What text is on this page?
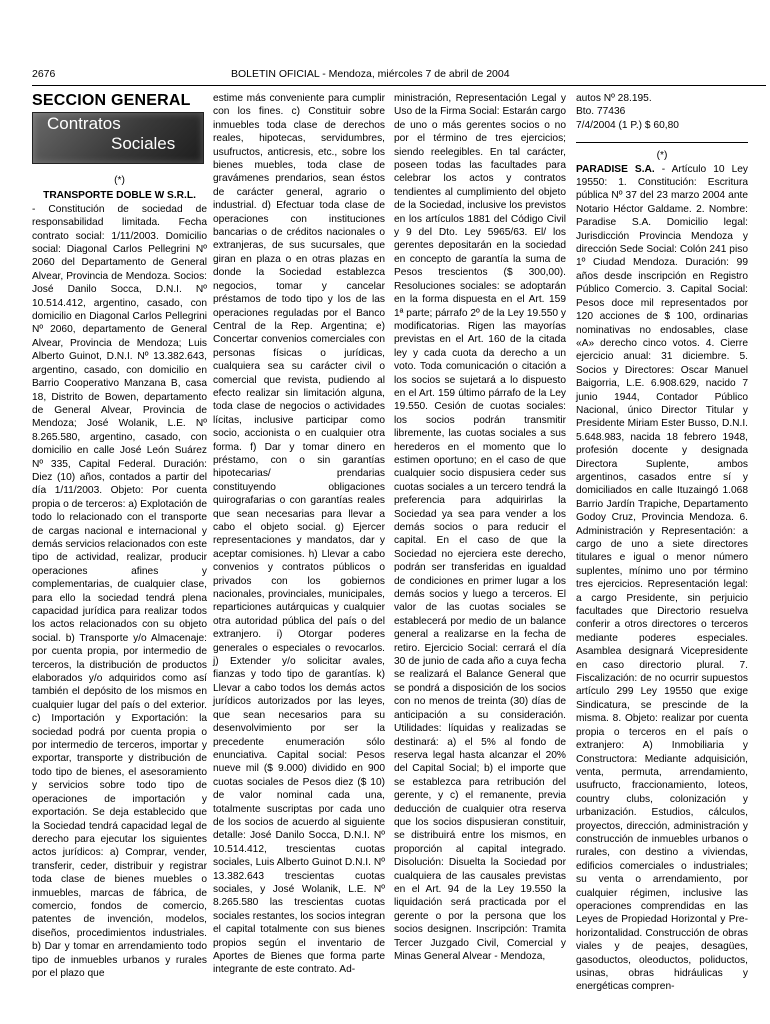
2676	BOLETIN OFICIAL - Mendoza, miércoles 7 de abril de 2004
SECCION GENERAL
Contratos
Sociales

(*)

TRANSPORTE DOBLE W S.R.L.

- Constitución de sociedad de responsabilidad limitada. Fecha contrato social: 1/11/2003. Domicilio social: Diagonal Carlos Pellegrini Nº 2060 del Departamento de General Alvear, Provincia de Mendoza. Socios: José Danilo Socca, D.N.I. Nº 10.514.412, argentino, casado, con domicilio en Diagonal Carlos Pellegrini Nº 2060, departamento de General Alvear, Provincia de Mendoza; Luis Alberto Guinot, D.N.I. Nº 13.382.643, argentino, casado, con domicilio en Barrio Cooperativo Manzana B, casa 18, Distrito de Bowen, departamento de General Alvear, Provincia de Mendoza; José Wolanik, L.E. Nº 8.265.580, argentino, casado, con domicilio en calle José León Suárez Nº 335, Capital Federal. Duración: Diez (10) años, contados a partir del día 1/11/2003. Objeto: Por cuenta propia o de terceros: a) Explotación de todo lo relacionado con el transporte de cargas nacional e internacional y demás servicios relacionados con este tipo de actividad, realizar, producir operaciones afines y complementarias, de cualquier clase, para ello la sociedad tendrá plena capacidad jurídica para realizar todos los actos relacionados con su objeto social. b) Transporte y/o Almacenaje: por cuenta propia, por intermedio de terceros, la distribución de productos elaborados y/o adquiridos como así también el depósito de los mismos en cualquier lugar del país o del exterior. c) Importación y Exportación: la sociedad podrá por cuenta propia o por intermedio de terceros, importar y exportar, transporte y distribución de todo tipo de bienes, el asesoramiento y servicios sobre todo tipo de operaciones de importación y exportación. Se deja establecido que la Sociedad tendrá capacidad legal de derecho para ejecutar los siguientes actos jurídicos: a) Comprar, vender, transferir, ceder, distribuir y registrar toda clase de bienes muebles o inmuebles, marcas de fábrica, de comercio, fondos de comercio, patentes de invención, modelos, diseños, procedimientos industriales. b) Dar y tomar en arrendamiento todo tipo de inmuebles urbanos y rurales por el plazo que

estime más conveniente para cumplir con los fines. c) Constituir sobre inmuebles toda clase de derechos reales, hipotecas, servidumbres, usufructos, anticresis, etc., sobre los bienes muebles, toda clase de gravámenes prendarios, sean éstos de carácter general, agrario o industrial. d) Efectuar toda clase de operaciones con instituciones bancarias o de créditos nacionales o extranjeras, de sus sucursales, que giran en plaza o en otras plazas en donde la Sociedad establezca negocios, tomar y cancelar préstamos de todo tipo y los de las operaciones reguladas por el Banco Central de la Rep. Argentina; e) Concertar convenios comerciales con personas físicas o jurídicas, cualquiera sea su carácter civil o comercial que revista, pudiendo al efecto realizar sin limitación alguna, toda clase de negocios o actividades lícitas, inclusive participar como socio, accionista o en cualquier otra forma. f) Dar y tomar dinero en préstamo, con o sin garantías hipotecarias/ prendarias constituyendo obligaciones quirografarias o con garantías reales que sean necesarias para llevar a cabo el objeto social. g) Ejercer representaciones y mandatos, dar y aceptar comisiones. h) Llevar a cabo convenios y contratos públicos o privados con los gobiernos nacionales, provinciales, municipales, reparticiones autárquicas y cualquier otra autoridad pública del país o del extranjero. i) Otorgar poderes generales o especiales o revocarlos. j) Extender y/o solicitar avales, fianzas y todo tipo de garantías. k) Llevar a cabo todos los demás actos jurídicos autorizados por las leyes, que sean necesarios para su desenvolvimiento por ser la precedente enumeración sólo enunciativa. Capital social: Pesos nueve mil ($ 9.000) dividido en 900 cuotas sociales de Pesos diez ($ 10) de valor nominal cada una, totalmente suscriptas por cada uno de los socios de acuerdo al siguiente detalle: José Danilo Socca, D.N.I. Nº 10.514.412, trescientas cuotas sociales, Luis Alberto Guinot D.N.I. Nº 13.382.643 trescientas cuotas sociales, y José Wolanik, L.E. Nº 8.265.580 las trescientas cuotas sociales restantes, los socios integran el capital totalmente con sus bienes propios según el inventario de Aportes de Bienes que forma parte integrante de este contrato. Ad-

ministración, Representación Legal y Uso de la Firma Social: Estarán cargo de uno o más gerentes socios o no por el término de tres ejercicios; siendo reelegibles. En tal carácter, poseen todas las facultades para celebrar los actos y contratos tendientes al cumplimiento del objeto de la Sociedad, inclusive los previstos en los artículos 1881 del Código Civil y 9 del Dto. Ley 5965/63. El/ los gerentes depositarán en la sociedad en concepto de garantía la suma de Pesos trescientos ($ 300,00). Resoluciones sociales: se adoptarán en la forma dispuesta en el Art. 159 1ª parte; párrafo 2º de la Ley 19.550 y modificatorias. Rigen las mayorías previstas en el Art. 160 de la citada ley y cada cuota da derecho a un voto. Toda comunicación o citación a los socios se sujetará a lo dispuesto en el Art. 159 último párrafo de la Ley 19.550. Cesión de cuotas sociales: los socios podrán transmitir libremente, las cuotas sociales a sus herederos en el momento que lo estimen oportuno; en el caso de que cualquier socio dispusiera ceder sus cuotas sociales a un tercero tendrá la preferencia para adquirirlas la Sociedad ya sea para vender a los demás socios o para reducir el capital. En el caso de que la Sociedad no ejerciera este derecho, podrán ser transferidas en igualdad de condiciones en primer lugar a los demás socios y luego a terceros. El valor de las cuotas sociales se establecerá por medio de un balance general a realizarse en la fecha de retiro. Ejercicio Social: cerrará el día 30 de junio de cada año a cuya fecha se realizará el Balance General que se pondrá a disposición de los socios con no menos de treinta (30) días de anticipación a su consideración. Utilidades: líquidas y realizadas se destinará: a) el 5% al fondo de reserva legal hasta alcanzar el 20% del Capital Social; b) el importe que se establezca para retribución del gerente, y c) el remanente, previa deducción de cualquier otra reserva que los socios dispusieran constituir, se distribuirá entre los mismos, en proporción al capital integrado. Disolución: Disuelta la Sociedad por cualquiera de las causales previstas en el Art. 94 de la Ley 19.550 la liquidación será practicada por el gerente o por la persona que los socios designen. Inscripción: Tramita Tercer Juzgado Civil, Comercial y Minas General Alvear - Mendoza,

autos Nº 28.195.

Bto. 77436

7/4/2004 (1 P.) $ 60,80

(*)

PARADISE S.A. - Artículo 10 Ley 19550: 1. Constitución: Escritura pública Nº 37 del 23 marzo 2004 ante Notario Héctor Galdame. 2. Nombre: Paradise S.A. Domicilio legal: Jurisdicción Provincia Mendoza y dirección Sede Social: Colón 241 piso 1º Ciudad Mendoza. Duración: 99 años desde inscripción en Registro Público Comercio. 3. Capital Social: Pesos doce mil representados por 120 acciones de $ 100, ordinarias nominativas no endosables, clase «A» derecho cinco votos. 4. Cierre ejercicio anual: 31 diciembre. 5. Socios y Directores: Oscar Manuel Baigorria, L.E. 6.908.629, nacido 7 junio 1944, Contador Público Nacional, único Director Titular y Presidente Miriam Ester Busso, D.N.I. 5.648.983, nacida 18 febrero 1948, profesión docente y designada Directora Suplente, ambos argentinos, casados entre sí y domiciliados en calle Ituzaingó 1.068 Barrio Jardín Trapiche, Departamento Godoy Cruz, Provincia Mendoza. 6. Administración y Representación: a cargo de uno a siete directores titulares e igual o menor número suplentes, mínimo uno por término tres ejercicios. Representación legal: a cargo Presidente, sin perjuicio facultades que Directorio resuelva conferir a otros directores o terceros mediante poderes especiales. Asamblea designará Vicepresidente en caso directorio plural. 7. Fiscalización: de no ocurrir supuestos artículo 299 Ley 19550 que exige Sindicatura, se prescinde de la misma. 8. Objeto: realizar por cuenta propia o terceros en el país o extranjero: A) Inmobiliaria y Constructora: Mediante adquisición, venta, permuta, arrendamiento, usufructo, fraccionamiento, loteos, country clubs, colonización y urbanización. Estudios, cálculos, proyectos, dirección, administración y construcción de inmuebles urbanos o rurales, con destino a viviendas, edificios comerciales o industriales; su venta o arrendamiento, por cualquier régimen, inclusive las operaciones comprendidas en las Leyes de Propiedad Horizontal y Pre-horizontalidad. Construcción de obras viales y de peajes, desagües, gasoductos, oleoductos, poliductos, usinas, obras hidráulicas y energéticas compren-
